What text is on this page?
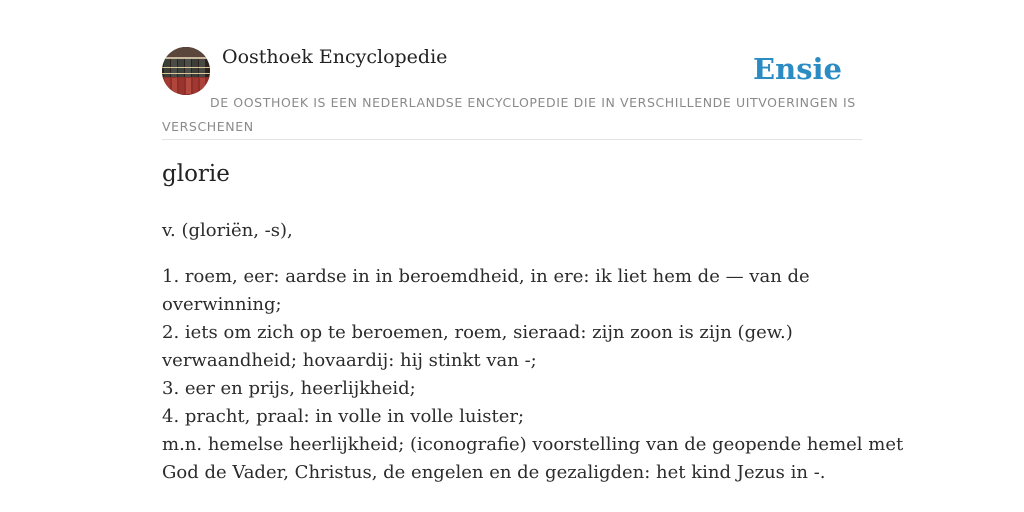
Oosthoek Encyclopedie	Ensie

DE OOSTHOEK IS EEN NEDERLANDSE ENCYCLOPEDIE DIE IN VERSCHILLENDE UITVOERINGEN IS VERSCHENEN

glorie

v. (gloriën, -s),

1. roem, eer: aardse in in beroemdheid, in ere: ik liet hem de — van de
overwinning;
2. iets om zich op te beroemen, roem, sieraad: zijn zoon is zijn (gew.)
verwaandheid; hovaardij: hij stinkt van -;
3. eer en prijs, heerlijkheid;
4. pracht, praal: in volle in volle luister;
m.n. hemelse heerlijkheid; (iconografie) voorstelling van de geopende hemel met
God de Vader, Christus, de engelen en de gezaligden: het kind Jezus in -.
